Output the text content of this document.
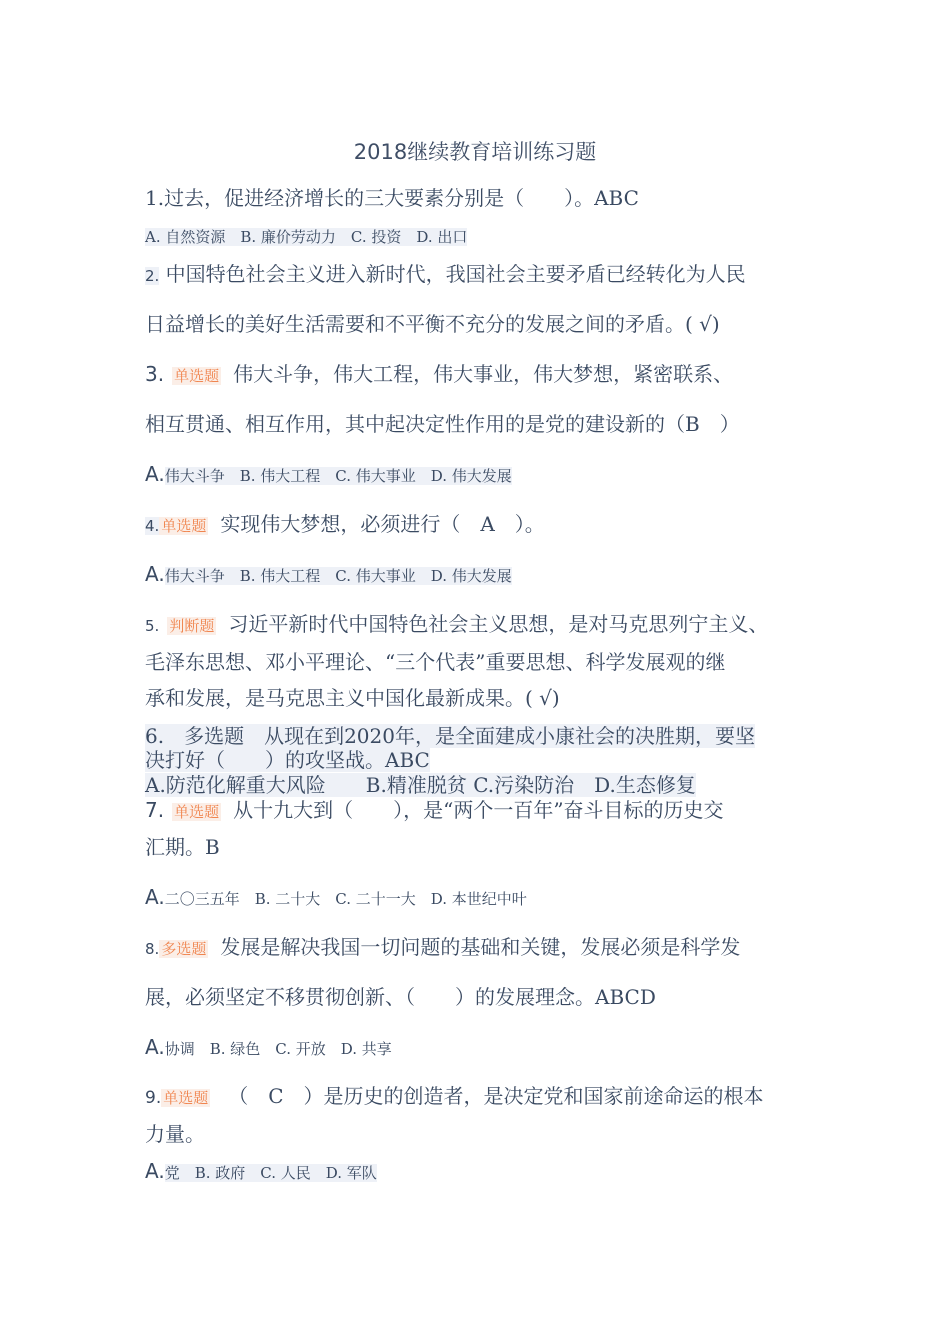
2018继续教育培训练习题
1.过去，促进经济增长的三大要素分别是（　　）。ABC
A. 自然资源　B. 廉价劳动力　C. 投资　D. 出口
2. 中国特色社会主义进入新时代，我国社会主要矛盾已经转化为人民
日益增长的美好生活需要和不平衡不充分的发展之间的矛盾。( √)
3. 单选题 伟大斗争，伟大工程，伟大事业，伟大梦想，紧密联系、
相互贯通、相互作用，其中起决定性作用的是党的建设新的（B　）
A.伟大斗争　B. 伟大工程　C. 伟大事业　D. 伟大发展
4. 单选题 实现伟大梦想，必须进行（　A　）。
A.伟大斗争　B. 伟大工程　C. 伟大事业　D. 伟大发展
5. 判断题 习近平新时代中国特色社会主义思想，是对马克思列宁主义、
毛泽东思想、邓小平理论、“三个代表”重要思想、科学发展观的继
承和发展，是马克思主义中国化最新成果。( √)
6.　多选题　从现在到2020年，是全面建成小康社会的决胜期，要坚
决打好（　　）的攻坚战。ABC
A.防范化解重大风险　　B.精准脱贫 C.污染防治　D.生态修复
7. 单选题 从十九大到（　　），是“两个一百年”奋斗目标的历史交
汇期。B
A.二〇三五年　B. 二十大　C. 二十一大　D. 本世纪中叶
8. 多选题 发展是解决我国一切问题的基础和关键，发展必须是科学发
展，必须坚定不移贯彻创新、（　　）的发展理念。ABCD
A.协调　B. 绿色　C. 开放　D. 共享
9. 单选题 （　C　）是历史的创造者，是决定党和国家前途命运的根本
力量。
A.党　B. 政府　C. 人民　D. 军队
